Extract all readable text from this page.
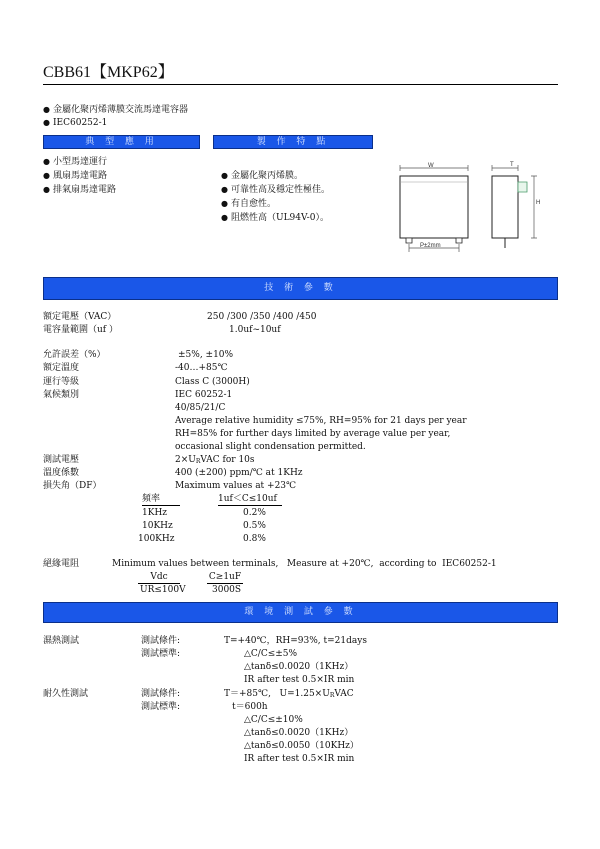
CBB61【MKP62】
● 金屬化聚丙烯薄膜交流馬達電容器
● IEC60252-1
典 型 應 用	製 作 特 點
● 小型馬達運行
● 風扇馬達電路
● 排氣扇馬達電路
● 金屬化聚丙烯膜。
● 可靠性高及穩定性極佳。
● 有自愈性。
● 阻燃性高（UL94V-0）。
W
P±2mm
T
H
技 術 參 數
額定電壓（VAC）	250 /300 /350 /400 /450
電容量範圍（uf ）	1.0uf~10uf
允許誤差（%）	±5%, ±10%
額定溫度	-40…+85℃
運行等級	Class C (3000H)
氣候類別	IEC 60252-1
40/85/21/C
Average relative humidity ≤75%, RH=95% for 21 days per year
RH=85% for further days limited by average value per year,
occasional slight condensation permitted.
測試電壓	$2\times U_RVAC$ for 10s
溫度係數	400 (±200) ppm/℃ at 1KHz
損失角（DF）	Maximum values at +23℃
頻率	1uf＜C≤10uf
1KHz	0.2%
10KHz	0.5%
100KHz	0.8%
絕緣電阻	Minimum values between terminals,   Measure at +20℃,  according to  IEC60252-1
Vdc	C≥1uF
UR≤100V	3000S
環 境 測 試 參 數
濕熱測試	測試條件:	T=+40℃，RH=93%, t=21days
測試標準:	△C/C≤±5%
△tanδ≤0.0020（1KHz）
IR after test 0.5×IR min
耐久性測試	測試條件:	T＝+85℃,   $U=1.25\times U_RVAC$
測試標準:	t＝600h
△C/C≤±10%
△tanδ≤0.0020（1KHz）
△tanδ≤0.0050（10KHz）
IR after test 0.5×IR min
